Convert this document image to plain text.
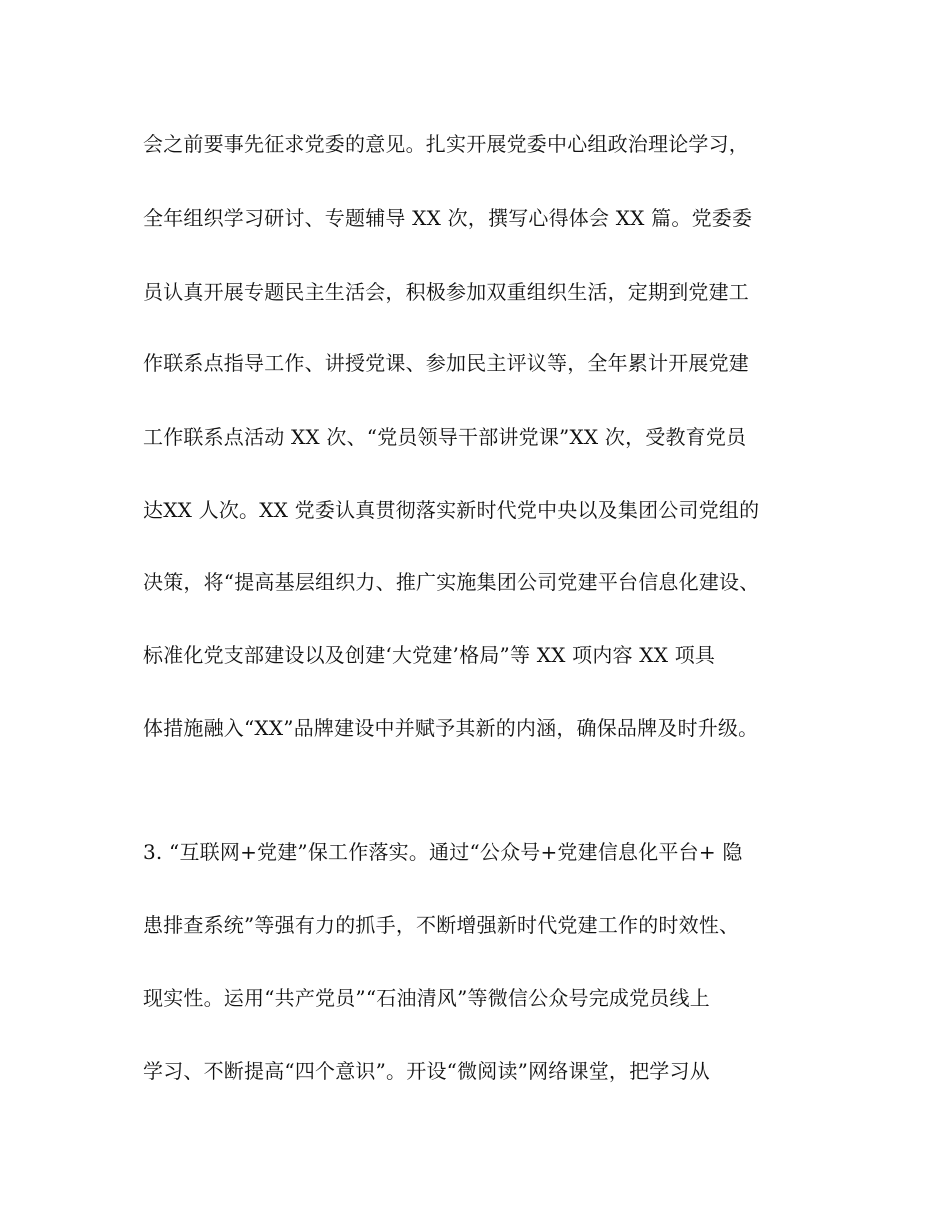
会之前要事先征求党委的意见。扎实开展党委中心组政治理论学习，
全年组织学习研讨、专题辅导 XX 次，撰写心得体会 XX 篇。党委委
员认真开展专题民主生活会，积极参加双重组织生活，定期到党建工
作联系点指导工作、讲授党课、参加民主评议等，全年累计开展党建
工作联系点活动 XX 次、“党员领导干部讲党课”XX 次，受教育党员
达XX 人次。XX 党委认真贯彻落实新时代党中央以及集团公司党组的
决策，将“提高基层组织力、推广实施集团公司党建平台信息化建设、
标准化党支部建设以及创建‘大党建’格局”等 XX 项内容 XX 项具
体措施融入“XX”品牌建设中并赋予其新的内涵，确保品牌及时升级。
3. “互联网+党建”保工作落实。通过“公众号+党建信息化平台+ 隐
患排查系统”等强有力的抓手，不断增强新时代党建工作的时效性、
现实性。运用“共产党员”“石油清风”等微信公众号完成党员线上
学习、不断提高“四个意识”。开设“微阅读”网络课堂，把学习从
